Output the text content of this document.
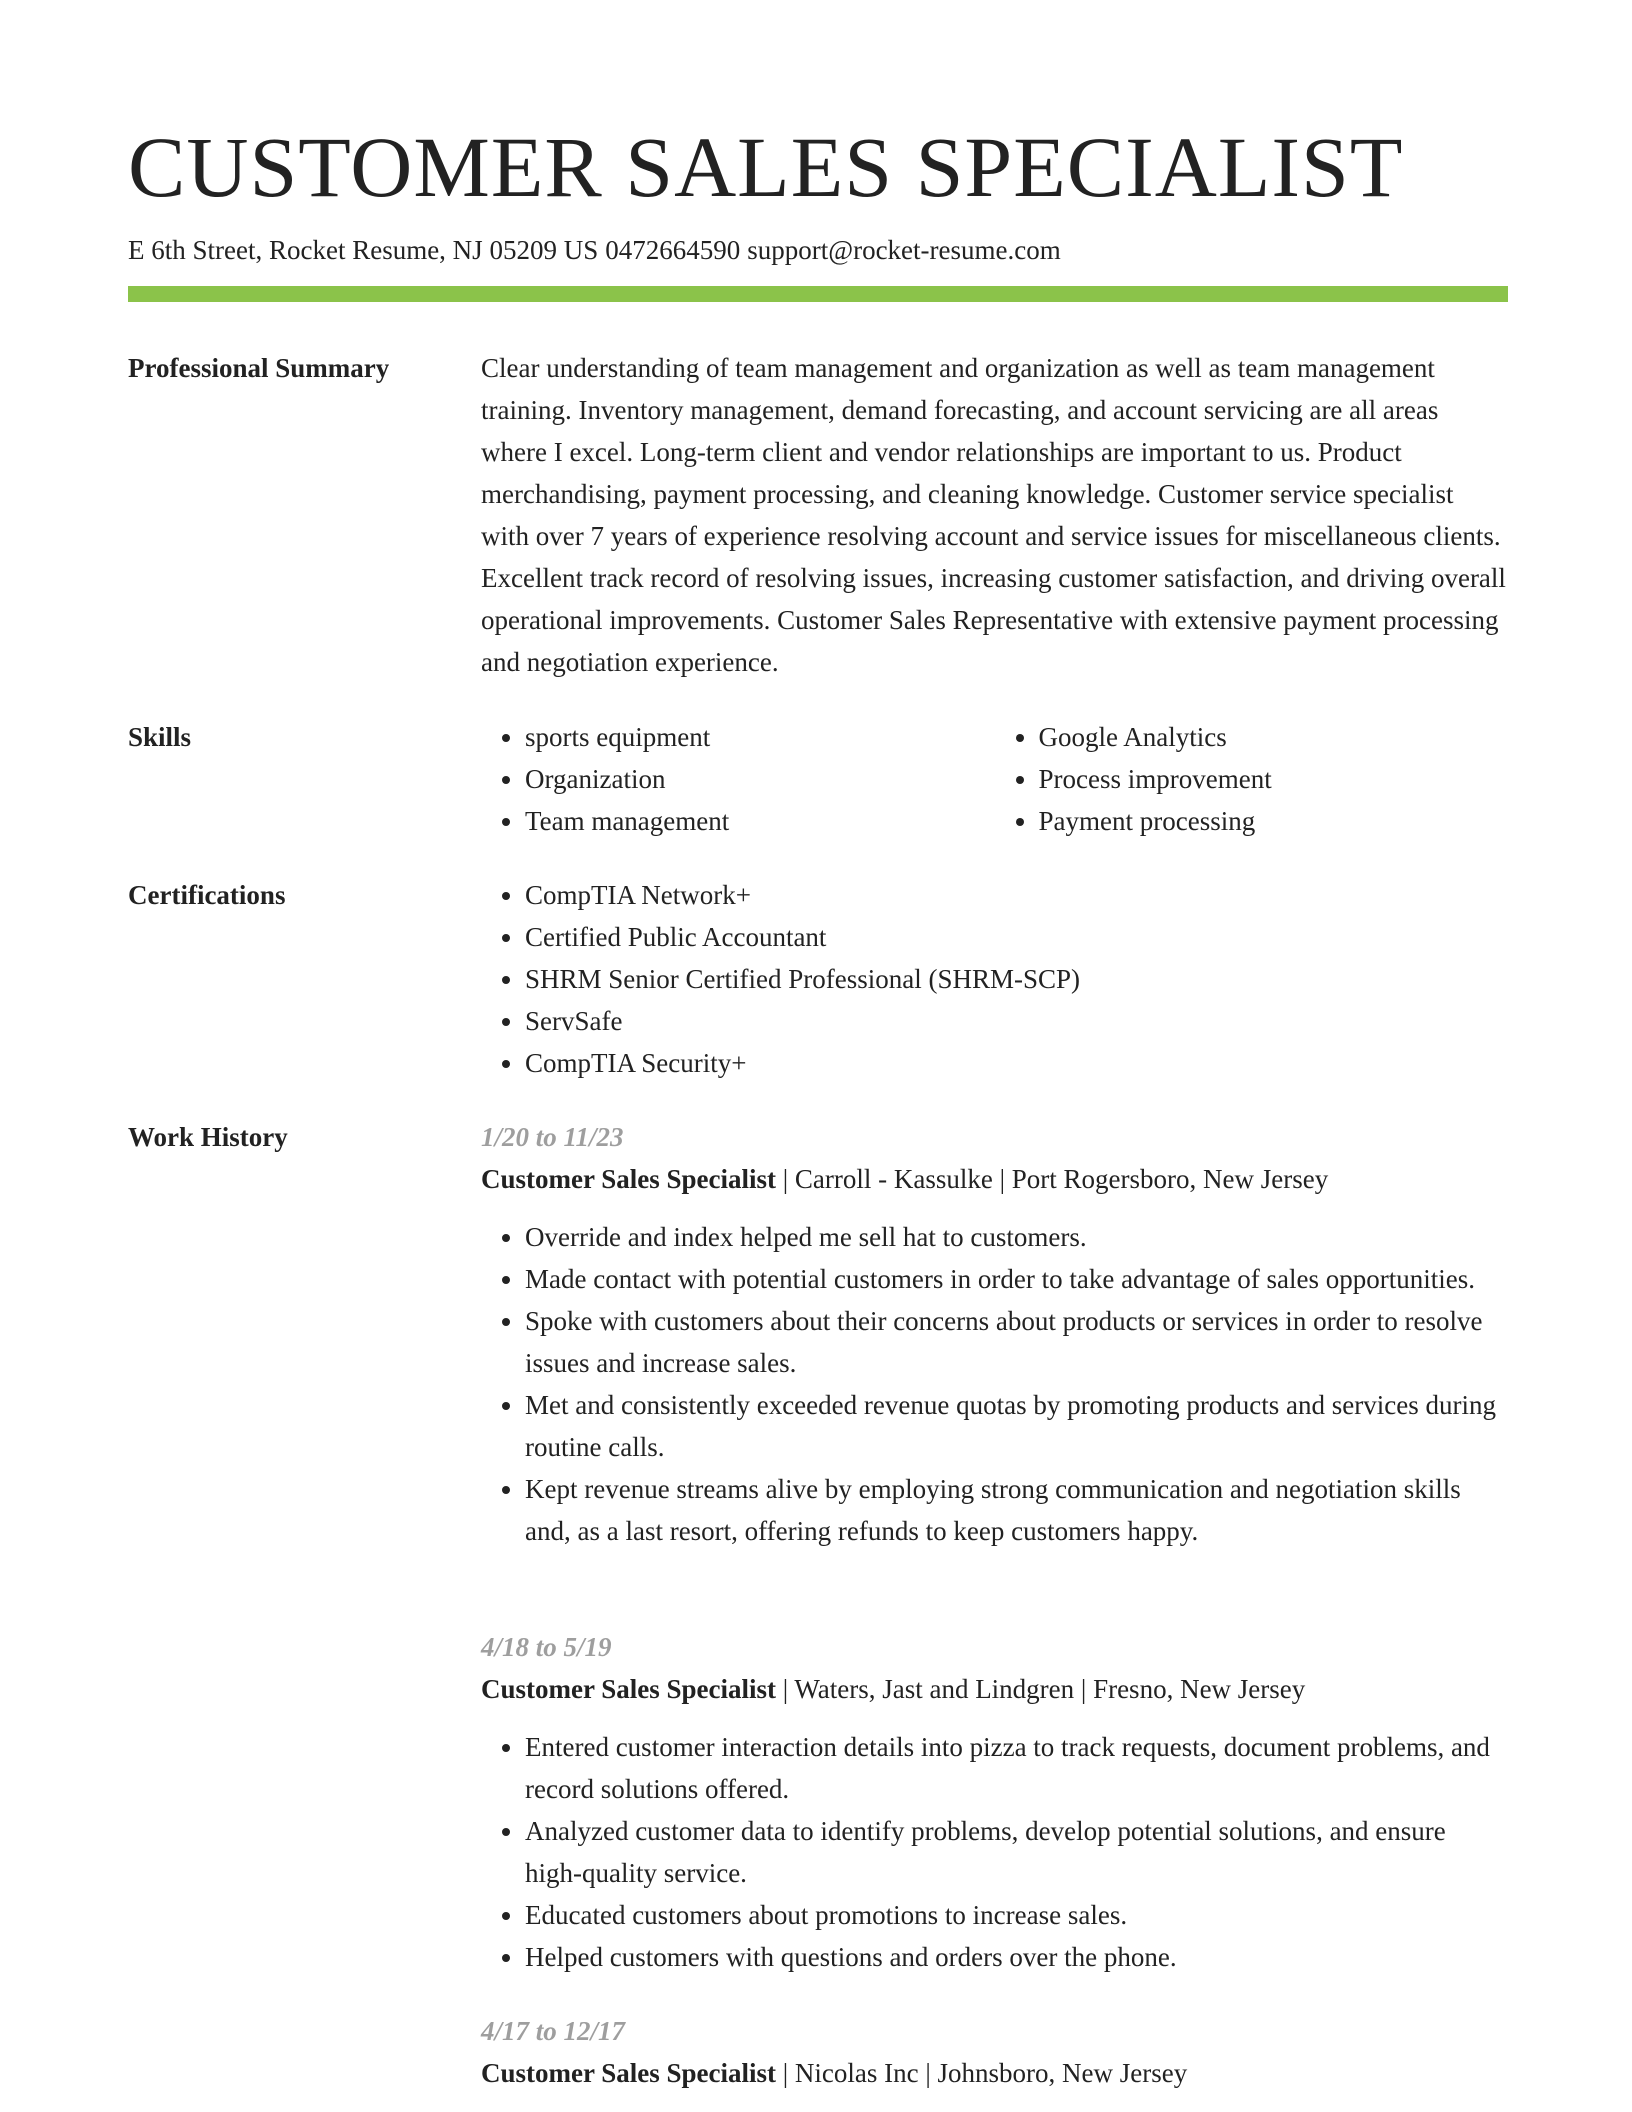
CUSTOMER SALES SPECIALIST
E 6th Street, Rocket Resume, NJ 05209 US 0472664590 support@rocket-resume.com
Professional Summary	Clear understanding of team management and organization as well as team management training. Inventory management, demand forecasting, and account servicing are all areas where I excel. Long-term client and vendor relationships are important to us. Product merchandising, payment processing, and cleaning knowledge. Customer service specialist with over 7 years of experience resolving account and service issues for miscellaneous clients. Excellent track record of resolving issues, increasing customer satisfaction, and driving overall operational improvements. Customer Sales Representative with extensive payment processing and negotiation experience.

Skills	• sports equipment
• Organization
• Team management
• Google Analytics
• Process improvement
• Payment processing
Certifications	• CompTIA Network+
• Certified Public Accountant
• SHRM Senior Certified Professional (SHRM-SCP)
• ServSafe
• CompTIA Security+
Work History	1/20 to 11/23
Customer Sales Specialist | Carroll - Kassulke | Port Rogersboro, New Jersey
• Override and index helped me sell hat to customers.
• Made contact with potential customers in order to take advantage of sales opportunities.
• Spoke with customers about their concerns about products or services in order to resolve issues and increase sales.
• Met and consistently exceeded revenue quotas by promoting products and services during routine calls.
• Kept revenue streams alive by employing strong communication and negotiation skills and, as a last resort, offering refunds to keep customers happy.
4/18 to 5/19
Customer Sales Specialist | Waters, Jast and Lindgren | Fresno, New Jersey
• Entered customer interaction details into pizza to track requests, document problems, and record solutions offered.
• Analyzed customer data to identify problems, develop potential solutions, and ensure high-quality service.
• Educated customers about promotions to increase sales.
• Helped customers with questions and orders over the phone.
4/17 to 12/17
Customer Sales Specialist | Nicolas Inc | Johnsboro, New Jersey
